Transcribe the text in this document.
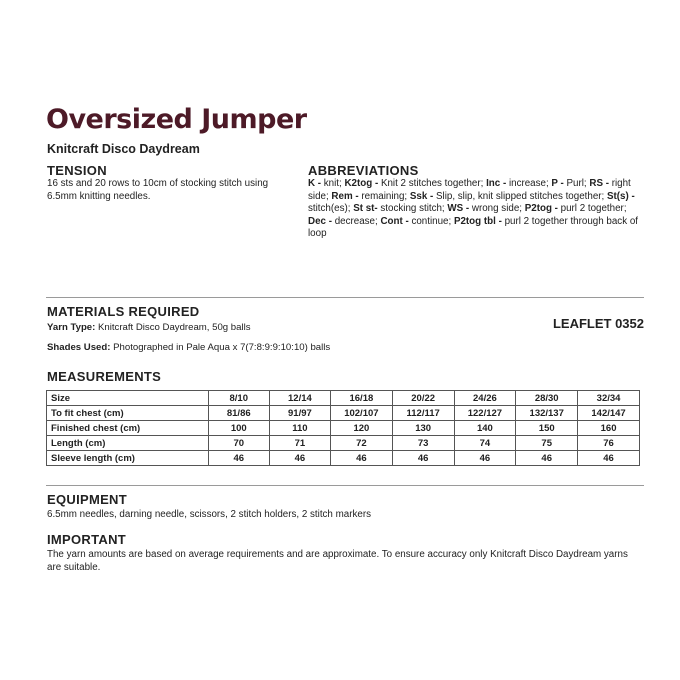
Oversized Jumper
Knitcraft Disco Daydream
TENSION
16 sts and 20 rows to 10cm of stocking stitch using 6.5mm knitting needles.
ABBREVIATIONS
K - knit; K2tog - Knit 2 stitches together; Inc - increase; P - Purl; RS - right side; Rem - remaining; Ssk - Slip, slip, knit slipped stitches together; St(s) - stitch(es); St st- stocking stitch; WS - wrong side; P2tog - purl 2 together; Dec - decrease; Cont - continue; P2tog tbl - purl 2 together through back of loop
MATERIALS REQUIRED
Yarn Type: Knitcraft Disco Daydream, 50g balls
Shades Used: Photographed in Pale Aqua x 7(7:8:9:9:10:10) balls
LEAFLET 0352
MEASUREMENTS
Size	8/10	12/14	16/18	20/22	24/26	28/30	32/34
To fit chest (cm)	81/86	91/97	102/107	112/117	122/127	132/137	142/147
Finished chest (cm)	100	110	120	130	140	150	160
Length (cm)	70	71	72	73	74	75	76
Sleeve length (cm)	46	46	46	46	46	46	46
EQUIPMENT
6.5mm needles, darning needle, scissors, 2 stitch holders, 2 stitch markers
IMPORTANT
The yarn amounts are based on average requirements and are approximate. To ensure accuracy only Knitcraft Disco Daydream yarns are suitable.
